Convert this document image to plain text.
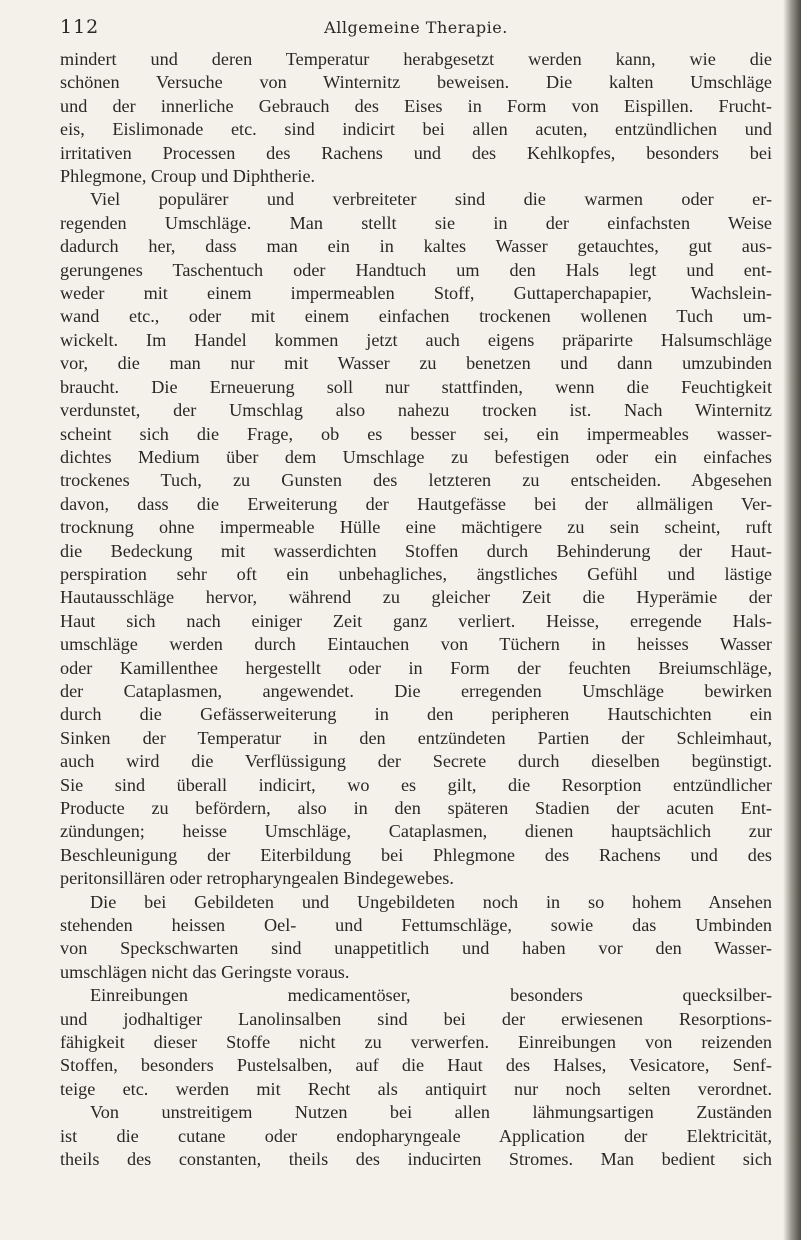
112	Allgemeine Therapie.
mindert und deren Temperatur herabgesetzt werden kann, wie die
schönen Versuche von Winternitz beweisen. Die kalten Umschläge
und der innerliche Gebrauch des Eises in Form von Eispillen. Frucht-
eis, Eislimonade etc. sind indicirt bei allen acuten, entzündlichen und
irritativen Processen des Rachens und des Kehlkopfes, besonders bei
Phlegmone, Croup und Diphtherie.
Viel populärer und verbreiteter sind die warmen oder er-
regenden Umschläge. Man stellt sie in der einfachsten Weise
dadurch her, dass man ein in kaltes Wasser getauchtes, gut aus-
gerungenes Taschentuch oder Handtuch um den Hals legt und ent-
weder mit einem impermeablen Stoff, Guttaperchapapier, Wachslein-
wand etc., oder mit einem einfachen trockenen wollenen Tuch um-
wickelt. Im Handel kommen jetzt auch eigens präparirte Halsumschläge
vor, die man nur mit Wasser zu benetzen und dann umzubinden
braucht. Die Erneuerung soll nur stattfinden, wenn die Feuchtigkeit
verdunstet, der Umschlag also nahezu trocken ist. Nach Winternitz
scheint sich die Frage, ob es besser sei, ein impermeables wasser-
dichtes Medium über dem Umschlage zu befestigen oder ein einfaches
trockenes Tuch, zu Gunsten des letzteren zu entscheiden. Abgesehen
davon, dass die Erweiterung der Hautgefässe bei der allmäligen Ver-
trocknung ohne impermeable Hülle eine mächtigere zu sein scheint, ruft
die Bedeckung mit wasserdichten Stoffen durch Behinderung der Haut-
perspiration sehr oft ein unbehagliches, ängstliches Gefühl und lästige
Hautausschläge hervor, während zu gleicher Zeit die Hyperämie der
Haut sich nach einiger Zeit ganz verliert. Heisse, erregende Hals-
umschläge werden durch Eintauchen von Tüchern in heisses Wasser
oder Kamillenthee hergestellt oder in Form der feuchten Breiumschläge,
der Cataplasmen, angewendet. Die erregenden Umschläge bewirken
durch die Gefässerweiterung in den peripheren Hautschichten ein
Sinken der Temperatur in den entzündeten Partien der Schleimhaut,
auch wird die Verflüssigung der Secrete durch dieselben begünstigt.
Sie sind überall indicirt, wo es gilt, die Resorption entzündlicher
Producte zu befördern, also in den späteren Stadien der acuten Ent-
zündungen; heisse Umschläge, Cataplasmen, dienen hauptsächlich zur
Beschleunigung der Eiterbildung bei Phlegmone des Rachens und des
peritonsillären oder retropharyngealen Bindegewebes.
Die bei Gebildeten und Ungebildeten noch in so hohem Ansehen
stehenden heissen Oel- und Fettumschläge, sowie das Umbinden
von Speckschwarten sind unappetitlich und haben vor den Wasser-
umschlägen nicht das Geringste voraus.
Einreibungen medicamentöser, besonders quecksilber-
und jodhaltiger Lanolinsalben sind bei der erwiesenen Resorptions-
fähigkeit dieser Stoffe nicht zu verwerfen. Einreibungen von reizenden
Stoffen, besonders Pustelsalben, auf die Haut des Halses, Vesicatore, Senf-
teige etc. werden mit Recht als antiquirt nur noch selten verordnet.
Von unstreitigem Nutzen bei allen lähmungsartigen Zuständen
ist die cutane oder endopharyngeale Application der Elektricität,
theils des constanten, theils des inducirten Stromes. Man bedient sich
